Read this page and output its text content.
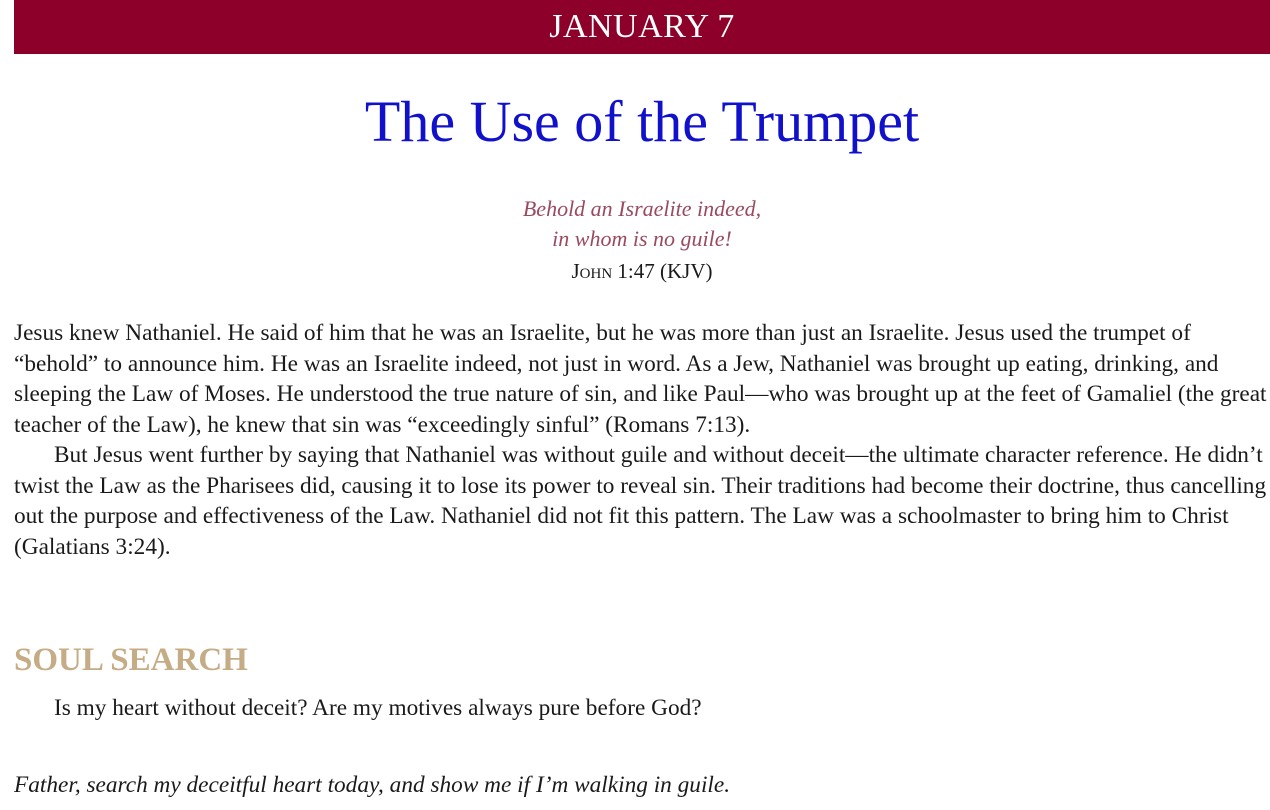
JANUARY 7
The Use of the Trumpet
Behold an Israelite indeed,
in whom is no guile!
John 1:47 (KJV)

Jesus knew Nathaniel. He said of him that he was an Israelite, but he was more than just an Israelite. Jesus used the trumpet of “behold” to announce him. He was an Israelite indeed, not just in word. As a Jew, Nathaniel was brought up eating, drinking, and sleeping the Law of Moses. He understood the true nature of sin, and like Paul—who was brought up at the feet of Gamaliel (the great teacher of the Law), he knew that sin was “exceedingly sinful” (Romans 7:13).

But Jesus went further by saying that Nathaniel was without guile and without deceit—the ultimate character reference. He didn’t twist the Law as the Pharisees did, causing it to lose its power to reveal sin. Their traditions had become their doctrine, thus cancelling out the purpose and effectiveness of the Law. Nathaniel did not fit this pattern. The Law was a schoolmaster to bring him to Christ (Galatians 3:24).

SOUL SEARCH

Is my heart without deceit? Are my motives always pure before God?

Father, search my deceitful heart today, and show me if I’m walking in guile.
